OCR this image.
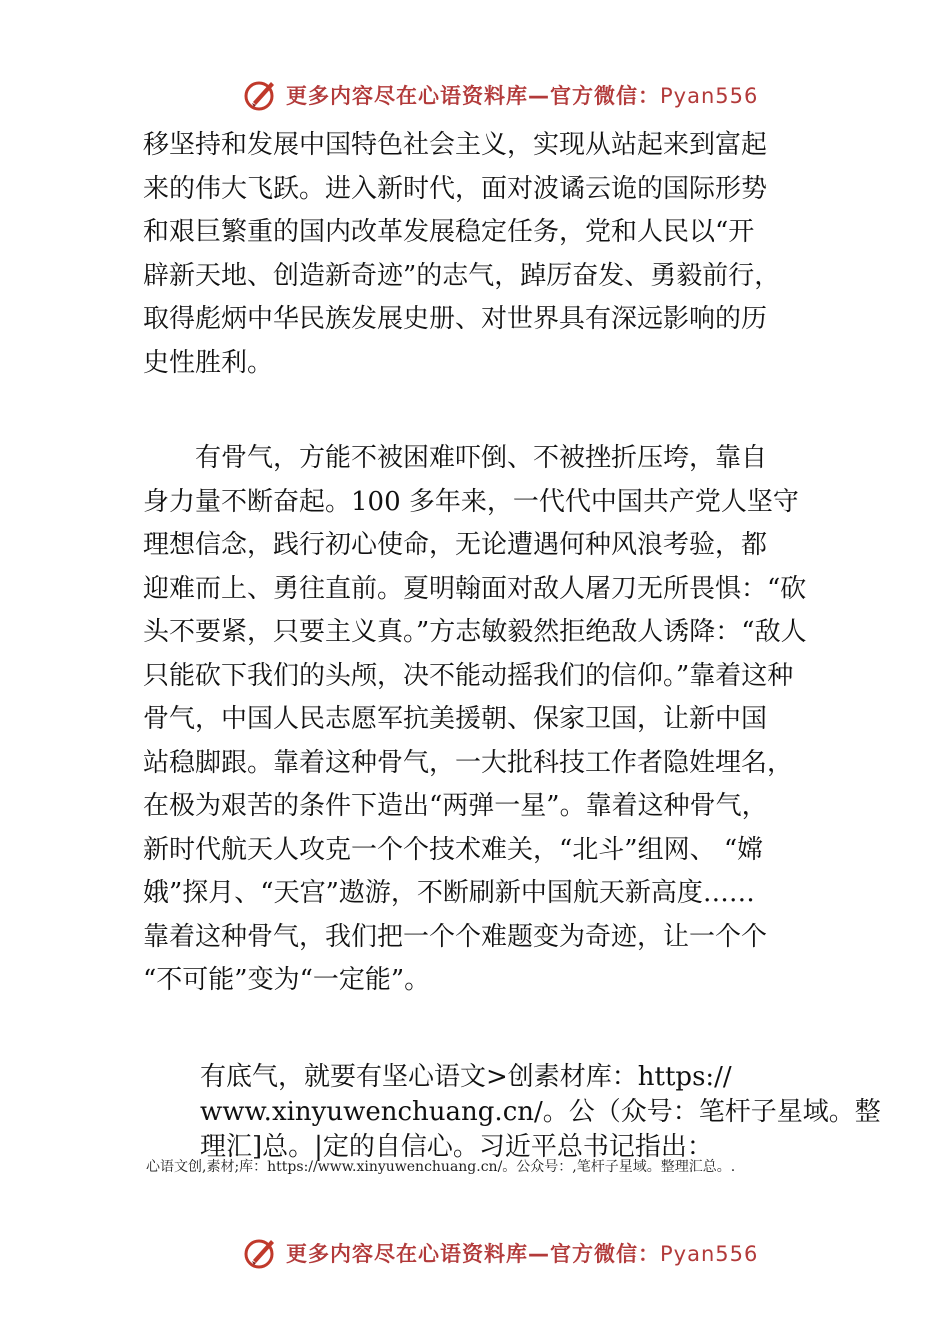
更多内容尽在心语资料库—官方微信：Pyan556
移坚持和发展中国特色社会主义，实现从站起来到富起
来的伟大飞跃。进入新时代，面对波谲云诡的国际形势
和艰巨繁重的国内改革发展稳定任务，党和人民以“开
辟新天地、创造新奇迹”的志气，踔厉奋发、勇毅前行，
取得彪炳中华民族发展史册、对世界具有深远影响的历
史性胜利。
　　有骨气，方能不被困难吓倒、不被挫折压垮，靠自
身力量不断奋起。100 多年来，一代代中国共产党人坚守
理想信念，践行初心使命，无论遭遇何种风浪考验，都
迎难而上、勇往直前。夏明翰面对敌人屠刀无所畏惧：“砍
头不要紧，只要主义真。”方志敏毅然拒绝敌人诱降：“敌人
只能砍下我们的头颅，决不能动摇我们的信仰。”靠着这种
骨气，中国人民志愿军抗美援朝、保家卫国，让新中国
站稳脚跟。靠着这种骨气，一大批科技工作者隐姓埋名，
在极为艰苦的条件下造出“两弹一星”。靠着这种骨气，
新时代航天人攻克一个个技术难关，“北斗”组网、 “嫦
娥”探月、“天宫”遨游，不断刷新中国航天新高度……
靠着这种骨气，我们把一个个难题变为奇迹，让一个个
“不可能”变为“一定能”。
有底气，就要有坚心语文>创素材库：https://
www.xinyuwenchuang.cn/。公（众号：笔杆子星域。整
理汇]总。|定的自信心。习近平总书记指出：
心语文创,素材;库：https://www.xinyuwenchuang.cn/。公众号：,笔杆子星域。整理汇总。.
更多内容尽在心语资料库—官方微信：Pyan556
